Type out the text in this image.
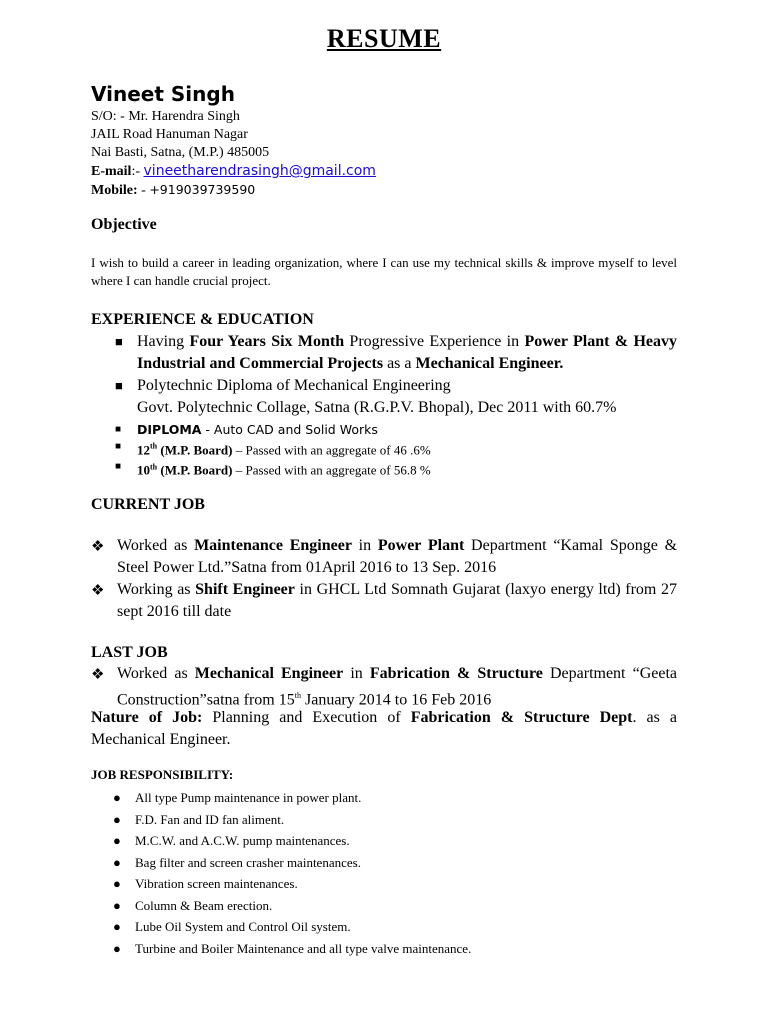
RESUME
Vineet Singh
S/O: - Mr. Harendra Singh
JAIL Road Hanuman Nagar
Nai Basti, Satna, (M.P.) 485005
E-mail:- vineetharendrasingh@gmail.com
Mobile: - +919039739590
Objective
I wish to build a career in leading organization, where I can use my technical skills & improve myself to level where I can handle crucial project.
EXPERIENCE & EDUCATION
■ Having Four Years Six Month Progressive Experience in Power Plant & Heavy Industrial and Commercial Projects as a Mechanical Engineer.
■ Polytechnic Diploma of Mechanical Engineering
Govt. Polytechnic Collage, Satna (R.G.P.V. Bhopal), Dec 2011 with 60.7%
■ DIPLOMA - Auto CAD and Solid Works
■ 12th (M.P. Board) – Passed with an aggregate of 46 .6%
■ 10th (M.P. Board) – Passed with an aggregate of 56.8 %
CURRENT JOB
❖ Worked as Maintenance Engineer in Power Plant Department “Kamal Sponge & Steel Power Ltd.”Satna from 01April 2016 to 13 Sep. 2016
❖ Working as Shift Engineer in GHCL Ltd Somnath Gujarat (laxyo energy ltd) from 27 sept 2016 till date
LAST JOB
❖ Worked as Mechanical Engineer in Fabrication & Structure Department “Geeta Construction”satna from 15th January 2014 to 16 Feb 2016
Nature of Job: Planning and Execution of Fabrication & Structure Dept. as a Mechanical Engineer.
JOB RESPONSIBILITY:
● All type Pump maintenance in power plant.
● F.D. Fan and ID fan aliment.
● M.C.W. and A.C.W. pump maintenances.
● Bag filter and screen crasher maintenances.
● Vibration screen maintenances.
● Column & Beam erection.
● Lube Oil System and Control Oil system.
● Turbine and Boiler Maintenance and all type valve maintenance.
